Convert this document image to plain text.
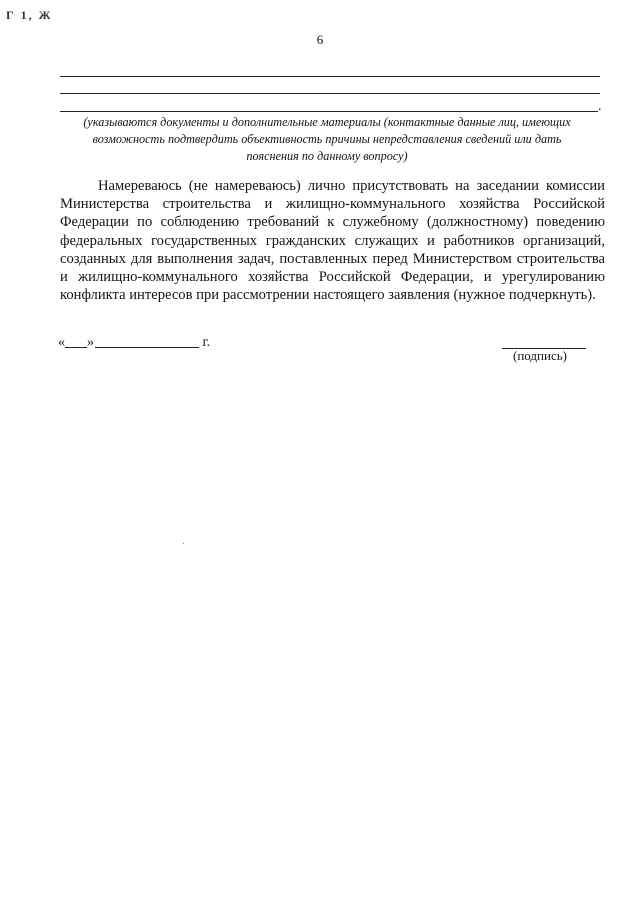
Г 1, Ж
6
.

(указываются документы и дополнительные материалы (контактные данные лиц, имеющих

возможность подтвердить объективность причины непредставления сведений или дать

пояснения по данному вопросу)

Намереваюсь (не намереваюсь) лично присутствовать на заседании комиссии Министерства строительства и жилищно-коммунального хозяйства Российской Федерации по соблюдению требований к служебному (должностному) поведению федеральных государственных гражданских служащих и работников организаций, созданных для выполнения задач, поставленных перед Министерством строительства и жилищно-коммунального хозяйства Российской Федерации, и урегулированию конфликта интересов при рассмотрении настоящего заявления (нужное подчеркнуть).

« »	г.
(подпись)
